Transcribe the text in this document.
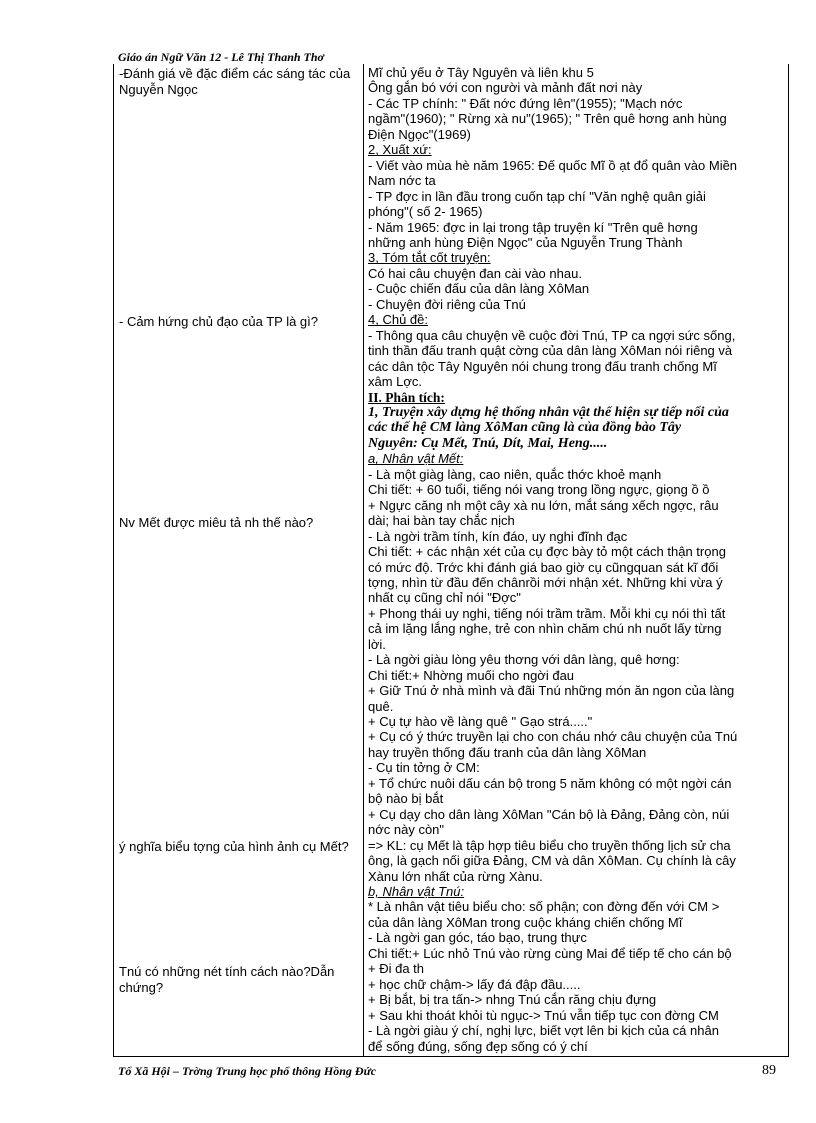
Giáo án Ngữ Văn 12 - Lê Thị Thanh Thơ
-Đánh giá về đặc điểm các sáng tác của Nguyễn Ngọc
- Cảm hứng chủ đạo của TP là gì?
Nv Mết được miêu tả nh thế nào?
ý nghĩa biểu tợng của hình ảnh cụ Mết?
Tnú có những nét tính cách nào?Dẫn chứng?
Mĩ chủ yếu ở Tây Nguyên và liên khu 5
Ông gắn bó với con người và mảnh đất nơi này
- Các TP chính: " Đất nớc đứng lên"(1955); "Mạch nớc
ngầm"(1960); " Rừng xà nu"(1965); " Trên quê hơng anh hùng
Điện Ngọc"(1969)
2, Xuất xứ:
- Viết vào mùa hè năm 1965: Đế quốc Mĩ ồ ạt đổ quân vào Miền
Nam nớc ta
- TP đợc in lần đầu trong cuốn tạp chí "Văn nghệ quân giải
phóng"( số 2- 1965)
- Năm 1965: đợc in lại trong tập truyện kí "Trên quê hơng
những anh hùng Điện Ngọc" của Nguyễn Trung Thành
3, Tóm tắt cốt truyện:
Có hai câu chuyện đan cài vào nhau.
- Cuộc chiến đấu của dân làng XôMan
- Chuyện đời riêng của Tnú
4, Chủ đề:
- Thông qua câu chuyện về cuộc đời Tnú, TP ca ngợi sức sống,
tinh thần đấu tranh quật cờng của dân làng XôMan nói riêng và
các dân tộc Tây Nguyên nói chung trong đấu tranh chống Mĩ
xâm Lợc.
II. Phân tích:
1, Truyện xây dựng hệ thống nhân vật thể hiện sự tiếp nối của
các thế hệ CM làng XôMan cũng là của đồng bào Tây
Nguyên: Cụ Mết, Tnú, Dít, Mai, Heng.....
a, Nhân vật Mết:
- Là một giàg làng, cao niên, quắc thớc khoẻ mạnh
Chi tiết: + 60 tuổi, tiếng nói vang trong lồng ngực, giọng ồ ồ
+ Ngực căng nh một cây xà nu lớn, mắt sáng xếch ngợc, râu
dài; hai bàn tay chắc nịch
- Là ngời trầm tính, kín đáo, uy nghi đĩnh đạc
Chi tiết: + các nhận xét của cụ đợc bày tỏ một cách thận trọng
có mức độ. Trớc khi đánh giá bao giờ cụ cũngquan sát kĩ đối
tợng, nhìn từ đầu đến chânrồi mới nhận xét. Những khi vừa ý
nhất cụ cũng chỉ nói "Đợc"
+ Phong thái uy nghi, tiếng nói trầm trầm. Mỗi khi cụ nói thì tất
cả im lặng lắng nghe, trẻ con nhìn chăm chú nh nuốt lấy từng
lời.
- Là ngời giàu lòng yêu thơng với dân làng, quê hơng:
Chi tiết:+ Nhờng muối cho ngời đau
+ Giữ Tnú ở nhà mình và đãi Tnú những món ăn ngon của làng
quê.
+ Cụ tự hào về làng quê " Gạo strá....."
+ Cụ có ý thức truyền lại cho con cháu nhớ câu chuyện của Tnú
hay truyền thống đấu tranh của dân làng XôMan
- Cụ tin tởng ở CM:
+ Tổ chức nuôi dấu cán bộ trong 5 năm không có một ngời cán
bộ nào bị bắt
+ Cụ dạy cho dân làng XôMan "Cán bộ là Đảng, Đảng còn, núi
nớc này còn"
=> KL: cụ Mết là tập hợp tiêu biểu cho truyền thống lịch sử cha
ông, là gạch nối giữa Đảng, CM và dân XôMan. Cụ chính là cây
Xànu lớn nhất của rừng Xànu.
b, Nhân vật Tnú:
* Là nhân vật tiêu biểu cho: số phận; con đờng đến với CM >
của dân làng XôMan trong cuộc kháng chiến chống Mĩ
- Là ngời gan góc, táo bạo, trung thực
Chi tiết:+ Lúc nhỏ Tnú vào rừng cùng Mai để tiếp tế cho cán bộ
+ Đi đa th
+ học chữ chậm-> lấy đá đập đầu.....
+ Bị bắt, bị tra tấn-> nhng Tnú cắn răng chịu đựng
+ Sau khi thoát khỏi tù ngục-> Tnú vẫn tiếp tục con đờng CM
- Là ngời giàu ý chí, nghị lực, biết vợt lên bi kịch của cá nhân
để sống đúng, sống đẹp sống có ý chí
Tổ Xã Hội – Trờng Trung học phổ thông Hồng Đức	89
